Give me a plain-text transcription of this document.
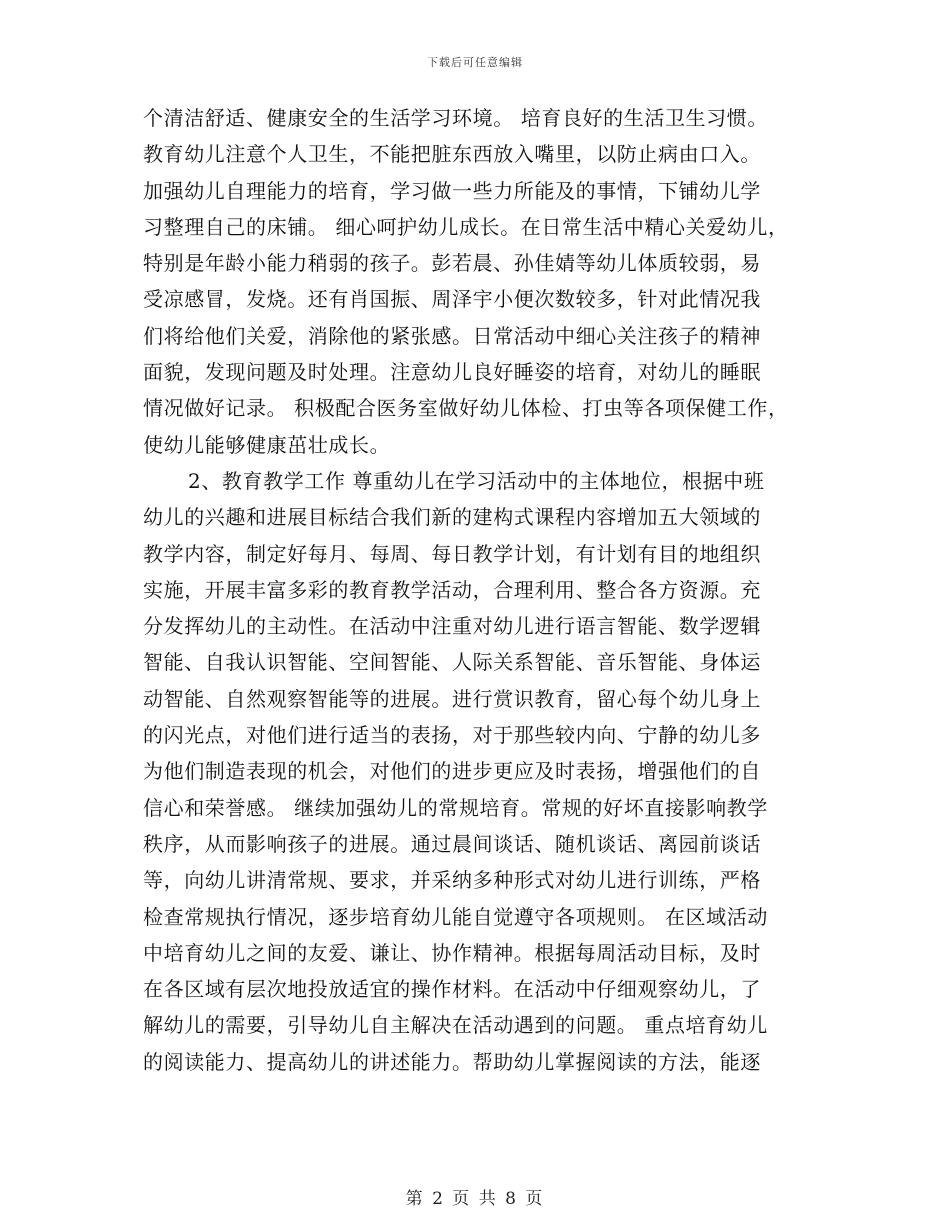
下载后可任意编辑
个清洁舒适、健康安全的生活学习环境。 培育良好的生活卫生习惯。
教育幼儿注意个人卫生，不能把脏东西放入嘴里，以防止病由口入。
加强幼儿自理能力的培育，学习做一些力所能及的事情，下铺幼儿学
习整理自己的床铺。 细心呵护幼儿成长。在日常生活中精心关爱幼儿，
特别是年龄小能力稍弱的孩子。彭若晨、孙佳婧等幼儿体质较弱，易
受凉感冒，发烧。还有肖国振、周泽宇小便次数较多，针对此情况我
们将给他们关爱，消除他的紧张感。日常活动中细心关注孩子的精神
面貌，发现问题及时处理。注意幼儿良好睡姿的培育，对幼儿的睡眠
情况做好记录。 积极配合医务室做好幼儿体检、打虫等各项保健工作，
使幼儿能够健康茁壮成长。
2、教育教学工作 尊重幼儿在学习活动中的主体地位，根据中班
幼儿的兴趣和进展目标结合我们新的建构式课程内容增加五大领域的
教学内容，制定好每月、每周、每日教学计划，有计划有目的地组织
实施，开展丰富多彩的教育教学活动，合理利用、整合各方资源。充
分发挥幼儿的主动性。在活动中注重对幼儿进行语言智能、数学逻辑
智能、自我认识智能、空间智能、人际关系智能、音乐智能、身体运
动智能、自然观察智能等的进展。进行赏识教育，留心每个幼儿身上
的闪光点，对他们进行适当的表扬，对于那些较内向、宁静的幼儿多
为他们制造表现的机会，对他们的进步更应及时表扬，增强他们的自
信心和荣誉感。 继续加强幼儿的常规培育。常规的好坏直接影响教学
秩序，从而影响孩子的进展。通过晨间谈话、随机谈话、离园前谈话
等，向幼儿讲清常规、要求，并采纳多种形式对幼儿进行训练，严格
检查常规执行情况，逐步培育幼儿能自觉遵守各项规则。 在区域活动
中培育幼儿之间的友爱、谦让、协作精神。根据每周活动目标，及时
在各区域有层次地投放适宜的操作材料。在活动中仔细观察幼儿，了
解幼儿的需要，引导幼儿自主解决在活动遇到的问题。 重点培育幼儿
的阅读能力、提高幼儿的讲述能力。帮助幼儿掌握阅读的方法，能逐
第 2 页 共 8 页
